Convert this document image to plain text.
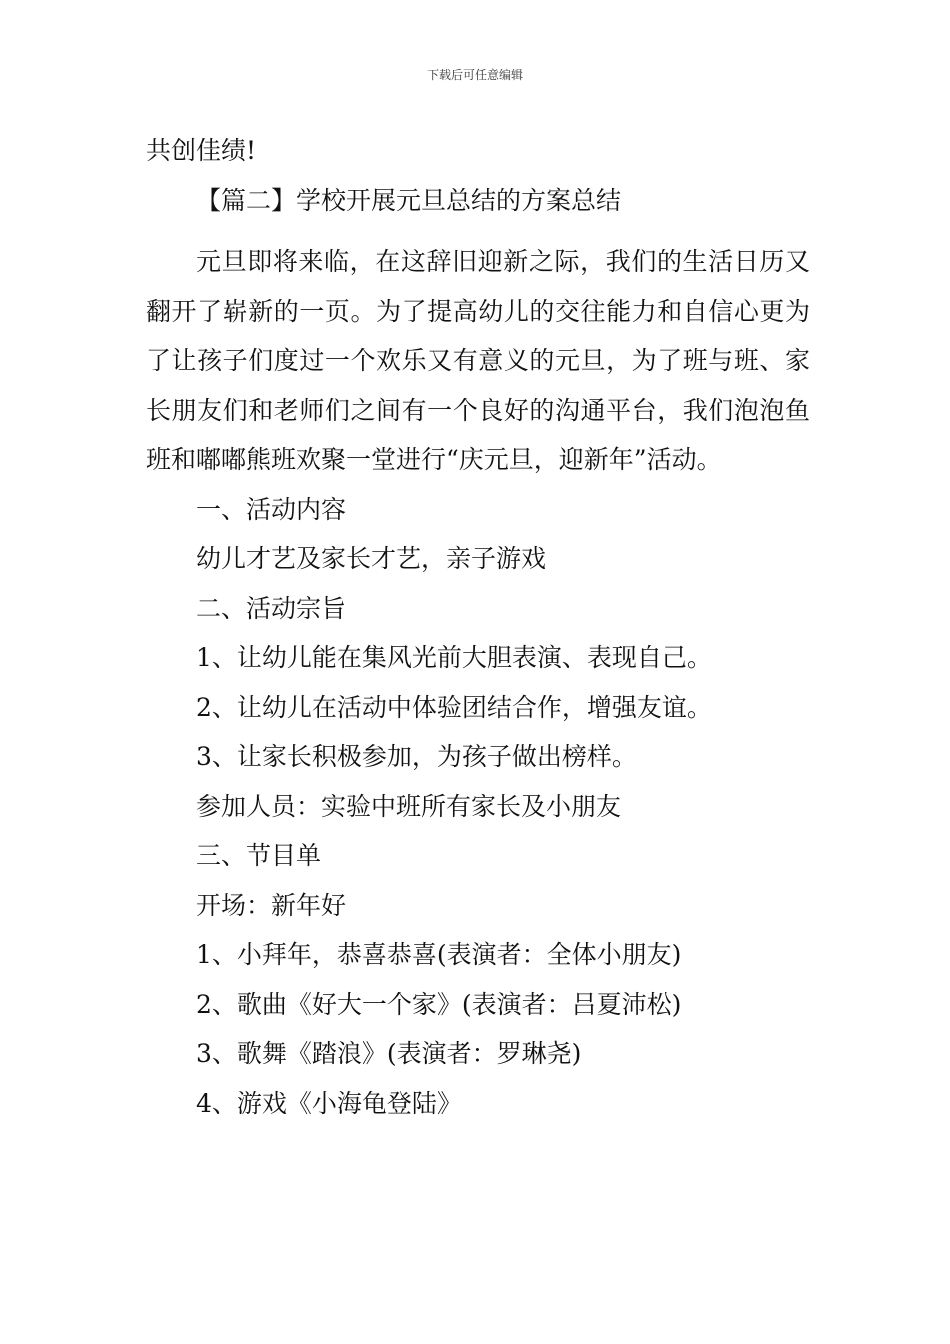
下载后可任意编辑
共创佳绩!
【篇二】学校开展元旦总结的方案总结

元旦即将来临，在这辞旧迎新之际，我们的生活日历又翻开了崭新的一页。为了提高幼儿的交往能力和自信心更为了让孩子们度过一个欢乐又有意义的元旦，为了班与班、家长朋友们和老师们之间有一个良好的沟通平台，我们泡泡鱼班和嘟嘟熊班欢聚一堂进行“庆元旦，迎新年”活动。

一、活动内容
幼儿才艺及家长才艺，亲子游戏
二、活动宗旨
1、让幼儿能在集风光前大胆表演、表现自己。
2、让幼儿在活动中体验团结合作，增强友谊。
3、让家长积极参加，为孩子做出榜样。
参加人员：实验中班所有家长及小朋友
三、节目单
开场：新年好
1、小拜年，恭喜恭喜(表演者：全体小朋友)
2、歌曲《好大一个家》(表演者：吕夏沛松)
3、歌舞《踏浪》(表演者：罗琳尧)
4、游戏《小海龟登陆》
